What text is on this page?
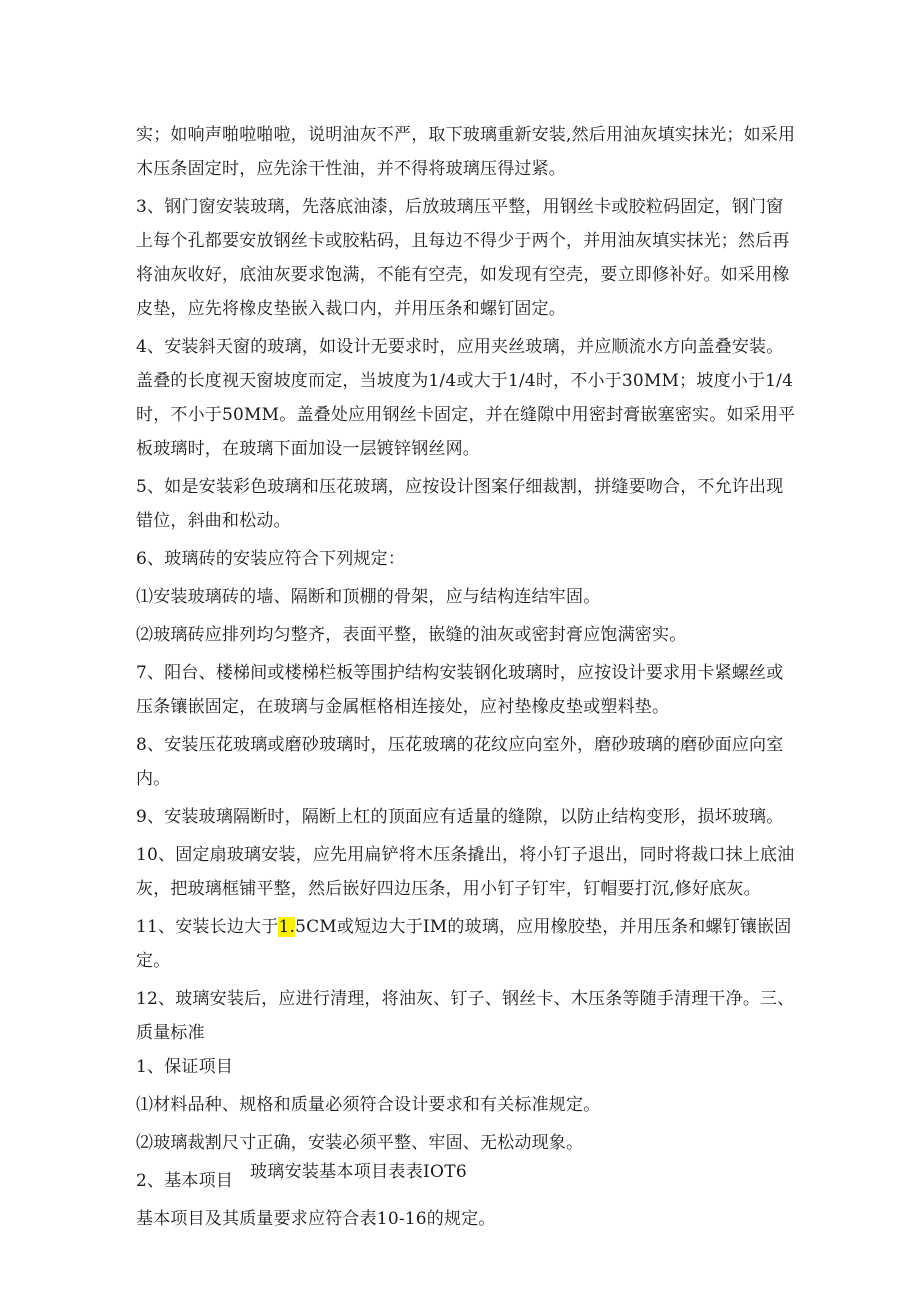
实；如响声啪啦啪啦，说明油灰不严，取下玻璃重新安装,然后用油灰填实抹光；如采用木压条固定时，应先涂干性油，并不得将玻璃压得过紧。

3、钢门窗安装玻璃，先落底油漆，后放玻璃压平整，用钢丝卡或胶粒码固定，钢门窗上每个孔都要安放钢丝卡或胶粘码，且每边不得少于两个，并用油灰填实抹光；然后再将油灰收好，底油灰要求饱满，不能有空壳，如发现有空壳，要立即修补好。如采用橡皮垫，应先将橡皮垫嵌入裁口内，并用压条和螺钉固定。

4、安装斜天窗的玻璃，如设计无要求时，应用夹丝玻璃，并应顺流水方向盖叠安装。盖叠的长度视天窗坡度而定，当坡度为1/4或大于1/4时，不小于30MM；坡度小于1/4时，不小于50MM。盖叠处应用钢丝卡固定，并在缝隙中用密封膏嵌塞密实。如采用平板玻璃时，在玻璃下面加设一层镀锌钢丝网。

5、如是安装彩色玻璃和压花玻璃，应按设计图案仔细裁割，拼缝要吻合，不允许出现错位，斜曲和松动。

6、玻璃砖的安装应符合下列规定：

⑴安装玻璃砖的墙、隔断和顶棚的骨架，应与结构连结牢固。

⑵玻璃砖应排列均匀整齐，表面平整，嵌缝的油灰或密封膏应饱满密实。

7、阳台、楼梯间或楼梯栏板等围护结构安装钢化玻璃时，应按设计要求用卡紧螺丝或压条镶嵌固定，在玻璃与金属框格相连接处，应衬垫橡皮垫或塑料垫。

8、安装压花玻璃或磨砂玻璃时，压花玻璃的花纹应向室外，磨砂玻璃的磨砂面应向室内。

9、安装玻璃隔断时，隔断上杠的顶面应有适量的缝隙，以防止结构变形，损坏玻璃。

10、固定扇玻璃安装，应先用扁铲将木压条撬出，将小钉子退出，同时将裁口抹上底油灰，把玻璃框铺平整，然后嵌好四边压条，用小钉子钉牢，钉帽要打沉,修好底灰。

11、安装长边大于1.5CM或短边大于IM的玻璃，应用橡胶垫，并用压条和螺钉镶嵌固定。

12、玻璃安装后，应进行清理，将油灰、钉子、钢丝卡、木压条等随手清理干净。三、质量标准

1、保证项目

⑴材料品种、规格和质量必须符合设计要求和有关标准规定。

⑵玻璃裁割尺寸正确，安装必须平整、牢固、无松动现象。

2、基本项目

基本项目及其质量要求应符合表10-16的规定。

玻璃安装基本项目表表IOT6
